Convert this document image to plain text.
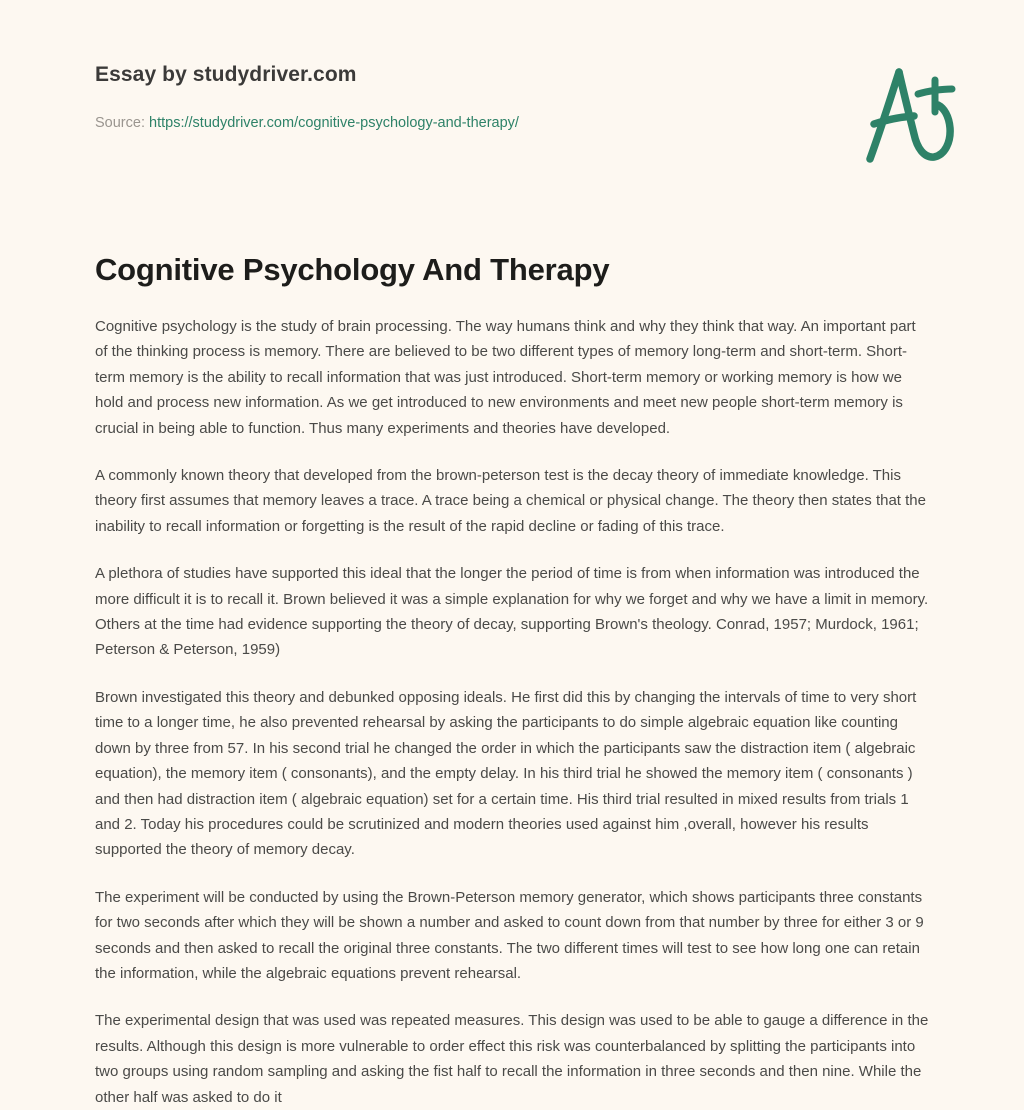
Essay by studydriver.com
Source: https://studydriver.com/cognitive-psychology-and-therapy/
Cognitive Psychology And Therapy

Cognitive psychology is the study of brain processing. The way humans think and why they think that way. An important part of the thinking process is memory. There are believed to be two different types of memory long-term and short-term. Short-term memory is the ability to recall information that was just introduced. Short-term memory or working memory is how we hold and process new information. As we get introduced to new environments and meet new people short-term memory is crucial in being able to function. Thus many experiments and theories have developed.

A commonly known theory that developed from the brown-peterson test is the decay theory of immediate knowledge. This theory first assumes that memory leaves a trace. A trace being a chemical or physical change. The theory then states that the inability to recall information or forgetting is the result of the rapid decline or fading of this trace.

A plethora of studies have supported this ideal that the longer the period of time is from when information was introduced the more difficult it is to recall it. Brown believed it was a simple explanation for why we forget and why we have a limit in memory. Others at the time had evidence supporting the theory of decay, supporting Brown's theology. Conrad, 1957; Murdock, 1961; Peterson & Peterson, 1959)

Brown investigated this theory and debunked opposing ideals. He first did this by changing the intervals of time to very short time to a longer time, he also prevented rehearsal by asking the participants to do simple algebraic equation like counting down by three from 57. In his second trial he changed the order in which the participants saw the distraction item ( algebraic equation), the memory item ( consonants), and the empty delay. In his third trial he showed the memory item ( consonants ) and then had distraction item ( algebraic equation) set for a certain time. His third trial resulted in mixed results from trials 1 and 2. Today his procedures could be scrutinized and modern theories used against him ,overall, however his results supported the theory of memory decay.

The experiment will be conducted by using the Brown-Peterson memory generator, which shows participants three constants for two seconds after which they will be shown a number and asked to count down from that number by three for either 3 or 9 seconds and then asked to recall the original three constants. The two different times will test to see how long one can retain the information, while the algebraic equations prevent rehearsal.

The experimental design that was used was repeated measures. This design was used to be able to gauge a difference in the results. Although this design is more vulnerable to order effect this risk was counterbalanced by splitting the participants into two groups using random sampling and asking the fist half to recall the information in three seconds and then nine. While the other half was asked to do it
